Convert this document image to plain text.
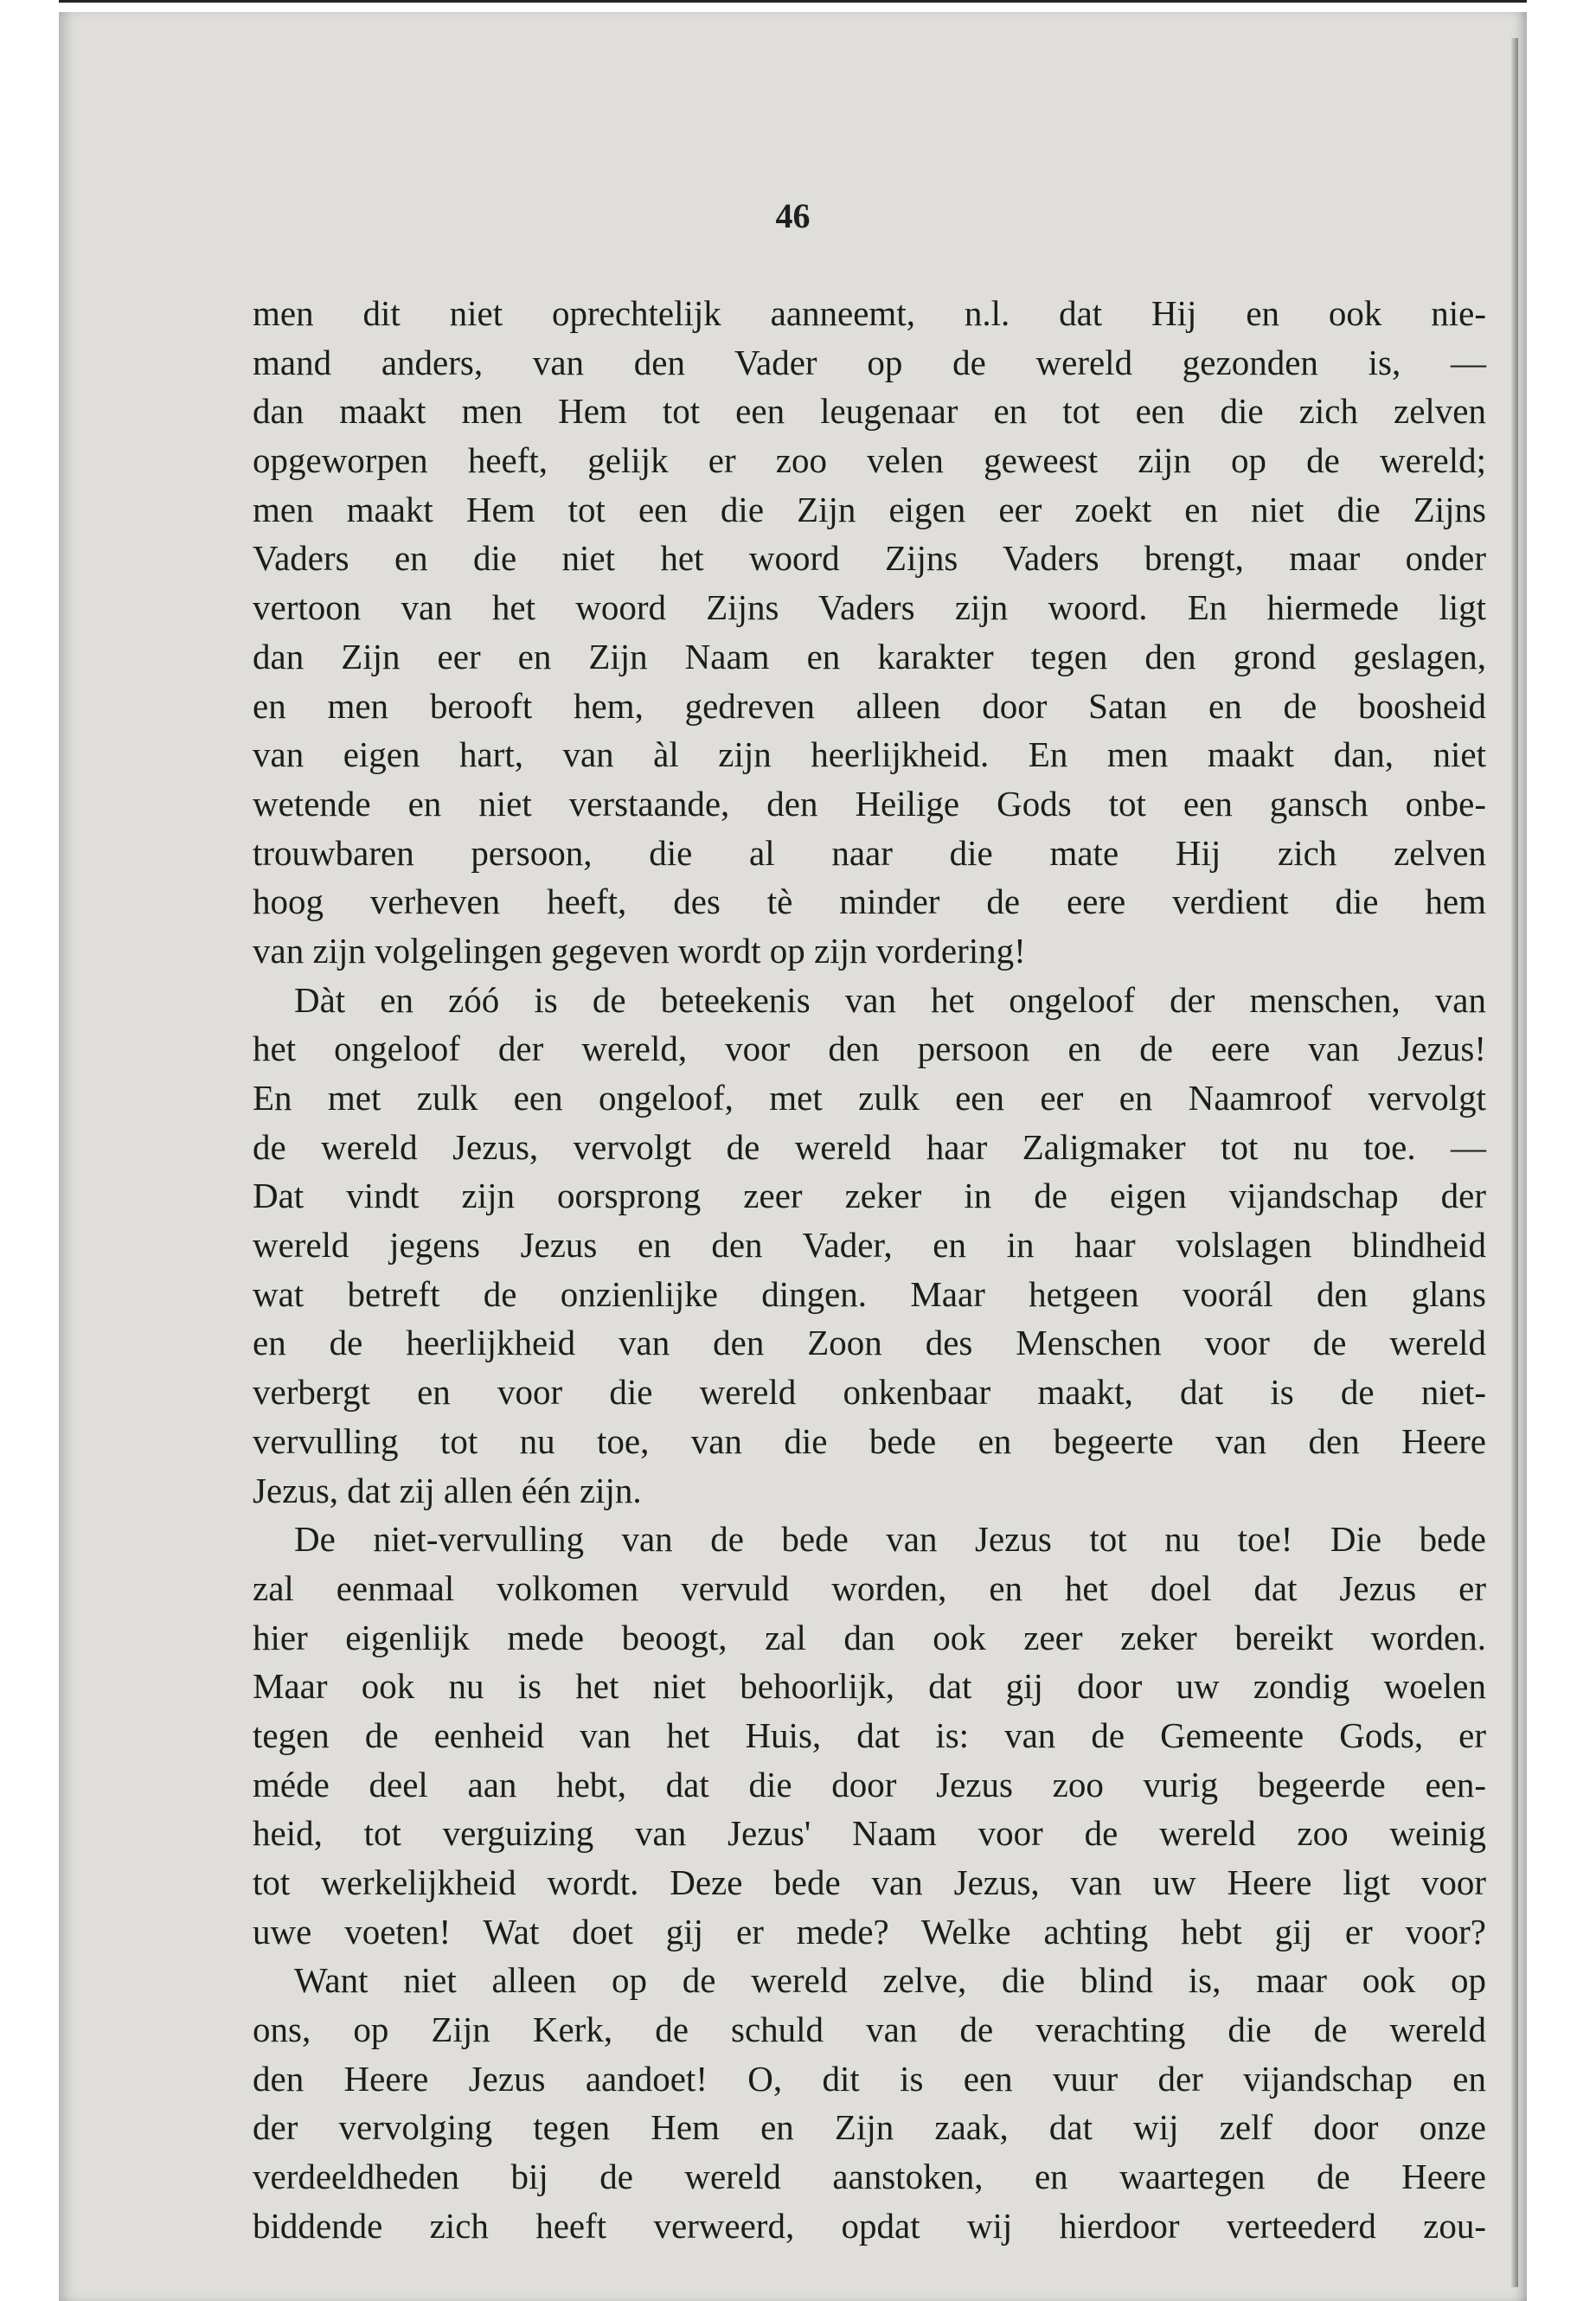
46
men dit niet oprechtelijk aanneemt, n.l. dat Hij en ook nie-
mand anders, van den Vader op de wereld gezonden is, —
dan maakt men Hem tot een leugenaar en tot een die zich zelven
opgeworpen heeft, gelijk er zoo velen geweest zijn op de wereld;
men maakt Hem tot een die Zijn eigen eer zoekt en niet die Zijns
Vaders en die niet het woord Zijns Vaders brengt, maar onder
vertoon van het woord Zijns Vaders zijn woord. En hiermede ligt
dan Zijn eer en Zijn Naam en karakter tegen den grond geslagen,
en men berooft hem, gedreven alleen door Satan en de boosheid
van eigen hart, van àl zijn heerlijkheid. En men maakt dan, niet
wetende en niet verstaande, den Heilige Gods tot een gansch onbe-
trouwbaren persoon, die al naar die mate Hij zich zelven
hoog verheven heeft, des tè minder de eere verdient die hem
van zijn volgelingen gegeven wordt op zijn vordering!
Dàt en zóó is de beteekenis van het ongeloof der menschen, van
het ongeloof der wereld, voor den persoon en de eere van Jezus!
En met zulk een ongeloof, met zulk een eer en Naamroof vervolgt
de wereld Jezus, vervolgt de wereld haar Zaligmaker tot nu toe. —
Dat vindt zijn oorsprong zeer zeker in de eigen vijandschap der
wereld jegens Jezus en den Vader, en in haar volslagen blindheid
wat betreft de onzienlijke dingen. Maar hetgeen voorál den glans
en de heerlijkheid van den Zoon des Menschen voor de wereld
verbergt en voor die wereld onkenbaar maakt, dat is de niet-
vervulling tot nu toe, van die bede en begeerte van den Heere
Jezus, dat zij allen één zijn.
De niet-vervulling van de bede van Jezus tot nu toe! Die bede
zal eenmaal volkomen vervuld worden, en het doel dat Jezus er
hier eigenlijk mede beoogt, zal dan ook zeer zeker bereikt worden.
Maar ook nu is het niet behoorlijk, dat gij door uw zondig woelen
tegen de eenheid van het Huis, dat is: van de Gemeente Gods, er
méde deel aan hebt, dat die door Jezus zoo vurig begeerde een-
heid, tot verguizing van Jezus' Naam voor de wereld zoo weinig
tot werkelijkheid wordt. Deze bede van Jezus, van uw Heere ligt voor
uwe voeten! Wat doet gij er mede? Welke achting hebt gij er voor?
Want niet alleen op de wereld zelve, die blind is, maar ook op
ons, op Zijn Kerk, de schuld van de verachting die de wereld
den Heere Jezus aandoet! O, dit is een vuur der vijandschap en
der vervolging tegen Hem en Zijn zaak, dat wij zelf door onze
verdeeldheden bij de wereld aanstoken, en waartegen de Heere
biddende zich heeft verweerd, opdat wij hierdoor verteederd zou-
